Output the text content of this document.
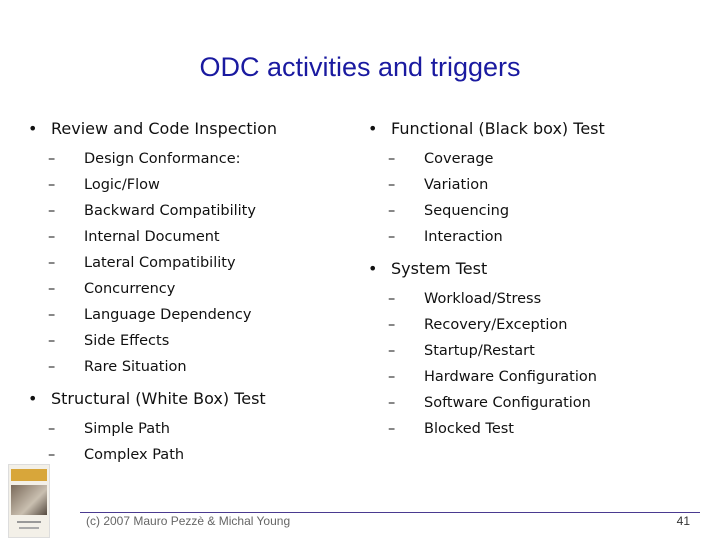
ODC activities and triggers
• Review and Code Inspection
– Design Conformance:
– Logic/Flow
– Backward Compatibility
– Internal Document
– Lateral Compatibility
– Concurrency
– Language Dependency
– Side Effects
– Rare Situation
• Structural (White Box) Test
– Simple Path
– Complex Path
• Functional (Black box) Test
– Coverage
– Variation
– Sequencing
– Interaction
• System Test
– Workload/Stress
– Recovery/Exception
– Startup/Restart
– Hardware Configuration
– Software Configuration
– Blocked Test
(c) 2007 Mauro Pezzè & Michal Young	41
